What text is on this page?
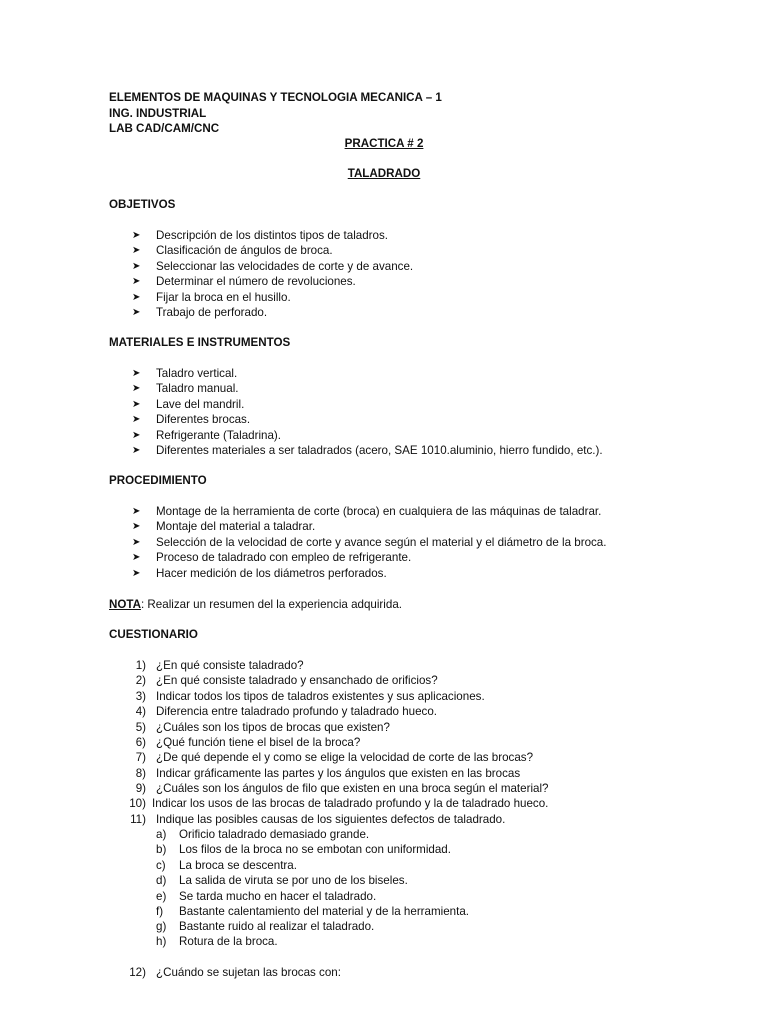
ELEMENTOS DE MAQUINAS Y TECNOLOGIA MECANICA – 1
ING. INDUSTRIAL
LAB CAD/CAM/CNC
PRACTICA # 2
TALADRADO
OBJETIVOS
➤ Descripción de los distintos tipos de taladros.
➤ Clasificación de ángulos de broca.
➤ Seleccionar las velocidades de corte y de avance.
➤ Determinar el número de revoluciones.
➤ Fijar la broca en el husillo.
➤ Trabajo de perforado.
MATERIALES E INSTRUMENTOS
➤ Taladro vertical.
➤ Taladro manual.
➤ Lave del mandril.
➤ Diferentes brocas.
➤ Refrigerante (Taladrina).
➤ Diferentes materiales a ser taladrados (acero, SAE 1010.aluminio, hierro fundido, etc.).
PROCEDIMIENTO
➤ Montage de la herramienta de corte (broca) en cualquiera de las máquinas de taladrar.
➤ Montaje del material a taladrar.
➤ Selección de la velocidad de corte y avance según el material y el diámetro de la broca.
➤ Proceso de taladrado con empleo de refrigerante.
➤ Hacer medición de los diámetros perforados.
NOTA: Realizar un resumen del la experiencia adquirida.
CUESTIONARIO
1) ¿En qué consiste taladrado?
2) ¿En qué consiste taladrado y ensanchado de orificios?
3) Indicar todos los tipos de taladros existentes y sus aplicaciones.
4) Diferencia entre taladrado profundo y taladrado hueco.
5) ¿Cuáles son los tipos de brocas que existen?
6) ¿Qué función tiene el bisel de la broca?
7) ¿De qué depende el y como se elige la velocidad de corte de las brocas?
8) Indicar gráficamente las partes y los ángulos que existen en las brocas
9) ¿Cuáles son los ángulos de filo que existen en una broca según el material?
10) Indicar los usos de las brocas de taladrado profundo y la de taladrado hueco.
11) Indique las posibles causas de los siguientes defectos de taladrado.
a) Orificio taladrado demasiado grande.
b) Los filos de la broca no se embotan con uniformidad.
c) La broca se descentra.
d) La salida de viruta se por uno de los biseles.
e) Se tarda mucho en hacer el taladrado.
f) Bastante calentamiento del material y de la herramienta.
g) Bastante ruido al realizar el taladrado.
h) Rotura de la broca.
12) ¿Cuándo se sujetan las brocas con:
